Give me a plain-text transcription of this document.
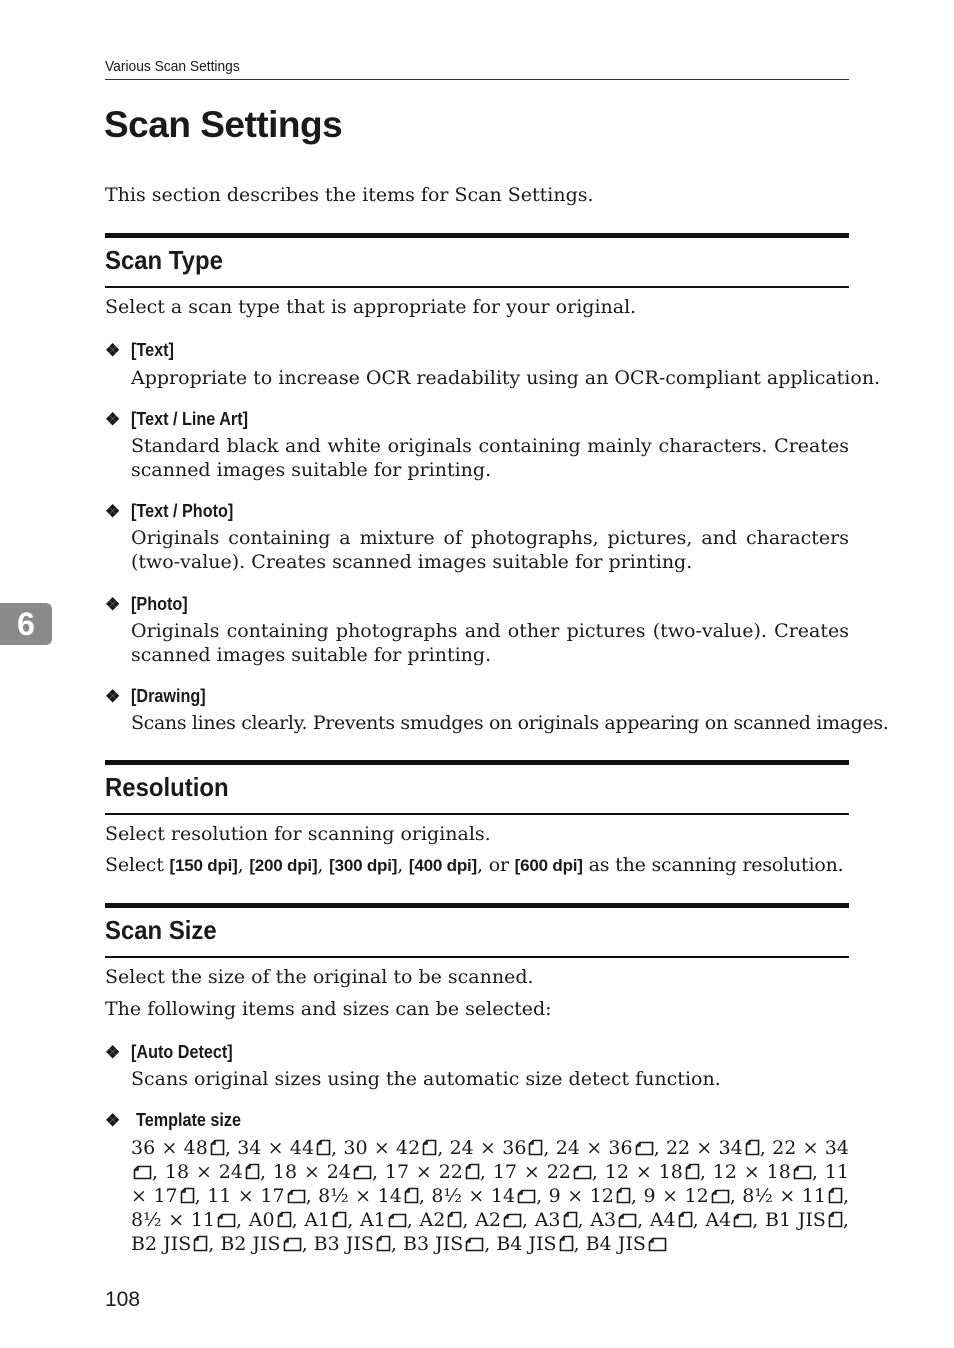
Various Scan Settings
Scan Settings

This section describes the items for Scan Settings.

Scan Type

Select a scan type that is appropriate for your original.

❖ [Text]

Appropriate to increase OCR readability using an OCR-compliant application.

❖ [Text / Line Art]

Standard black and white originals containing mainly characters. Creates scanned images suitable for printing.

❖ [Text / Photo]

Originals containing a mixture of photographs, pictures, and characters (two-value). Creates scanned images suitable for printing.

6

❖ [Photo]

Originals containing photographs and other pictures (two-value). Creates scanned images suitable for printing.

❖ [Drawing]

Scans lines clearly. Prevents smudges on originals appearing on scanned images.

Resolution

Select resolution for scanning originals.

Select [150 dpi], [200 dpi], [300 dpi], [400 dpi], or [600 dpi] as the scanning resolution.

Scan Size

Select the size of the original to be scanned.

The following items and sizes can be selected:

❖ [Auto Detect]

Scans original sizes using the automatic size detect function.

❖ Template size

36 × 48 , 34 × 44 , 30 × 42 , 24 × 36 , 24 × 36 , 22 × 34 , 22 × 34, 18 × 24 , 18 × 24 , 17 × 22 , 17 × 22 , 12 × 18 , 12 × 18 , 11 × 17 , 11 × 17 , 8½ × 14 , 8½ × 14 , 9 × 12 , 9 × 12 , 8½ × 11 , 8½ × 11 , A0 , A1 , A1 , A2 , A2 , A3 , A3 , A4 , A4 , B1 JIS , B2 JIS , B2 JIS , B3 JIS , B3 JIS , B4 JIS , B4 JIS

108
